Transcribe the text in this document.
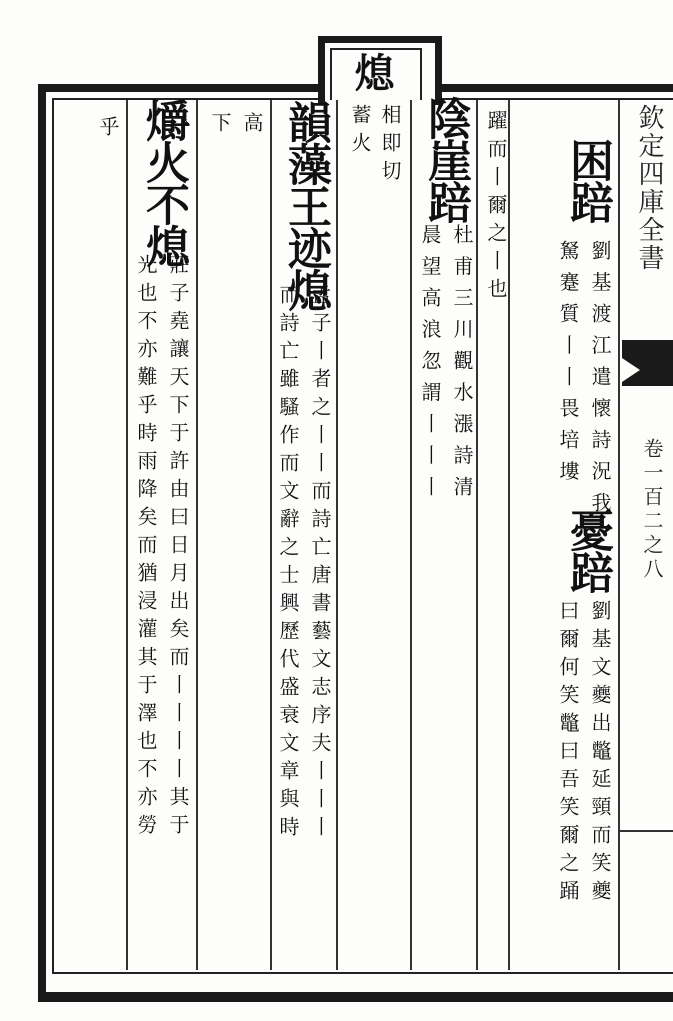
欽定四庫全書
卷一百二之八
熄
相即切
蓄火
困踣
劉基渡江遣懷詩況我
駑蹇質丨丨畏培塿
憂踣
劉基文夔出鼈延頸而笑夔
曰爾何笑鼈曰吾笑爾之踊
躍而丨爾之丨也
陰崖踣
杜甫三川觀水漲詩清
晨望高浪忽謂丨丨丨
韻藻王迹熄
孟子丨者之丨丨而詩亡唐書藝文志序夫丨丨丨
而詩亡雖騷作而文辭之士興歷代盛衰文章與時
高
下
爝火不熄
莊子堯讓天下于許由曰日月出矣而丨丨丨丨其于
光也不亦難乎時雨降矣而猶浸灌其于澤也不亦勞
乎
